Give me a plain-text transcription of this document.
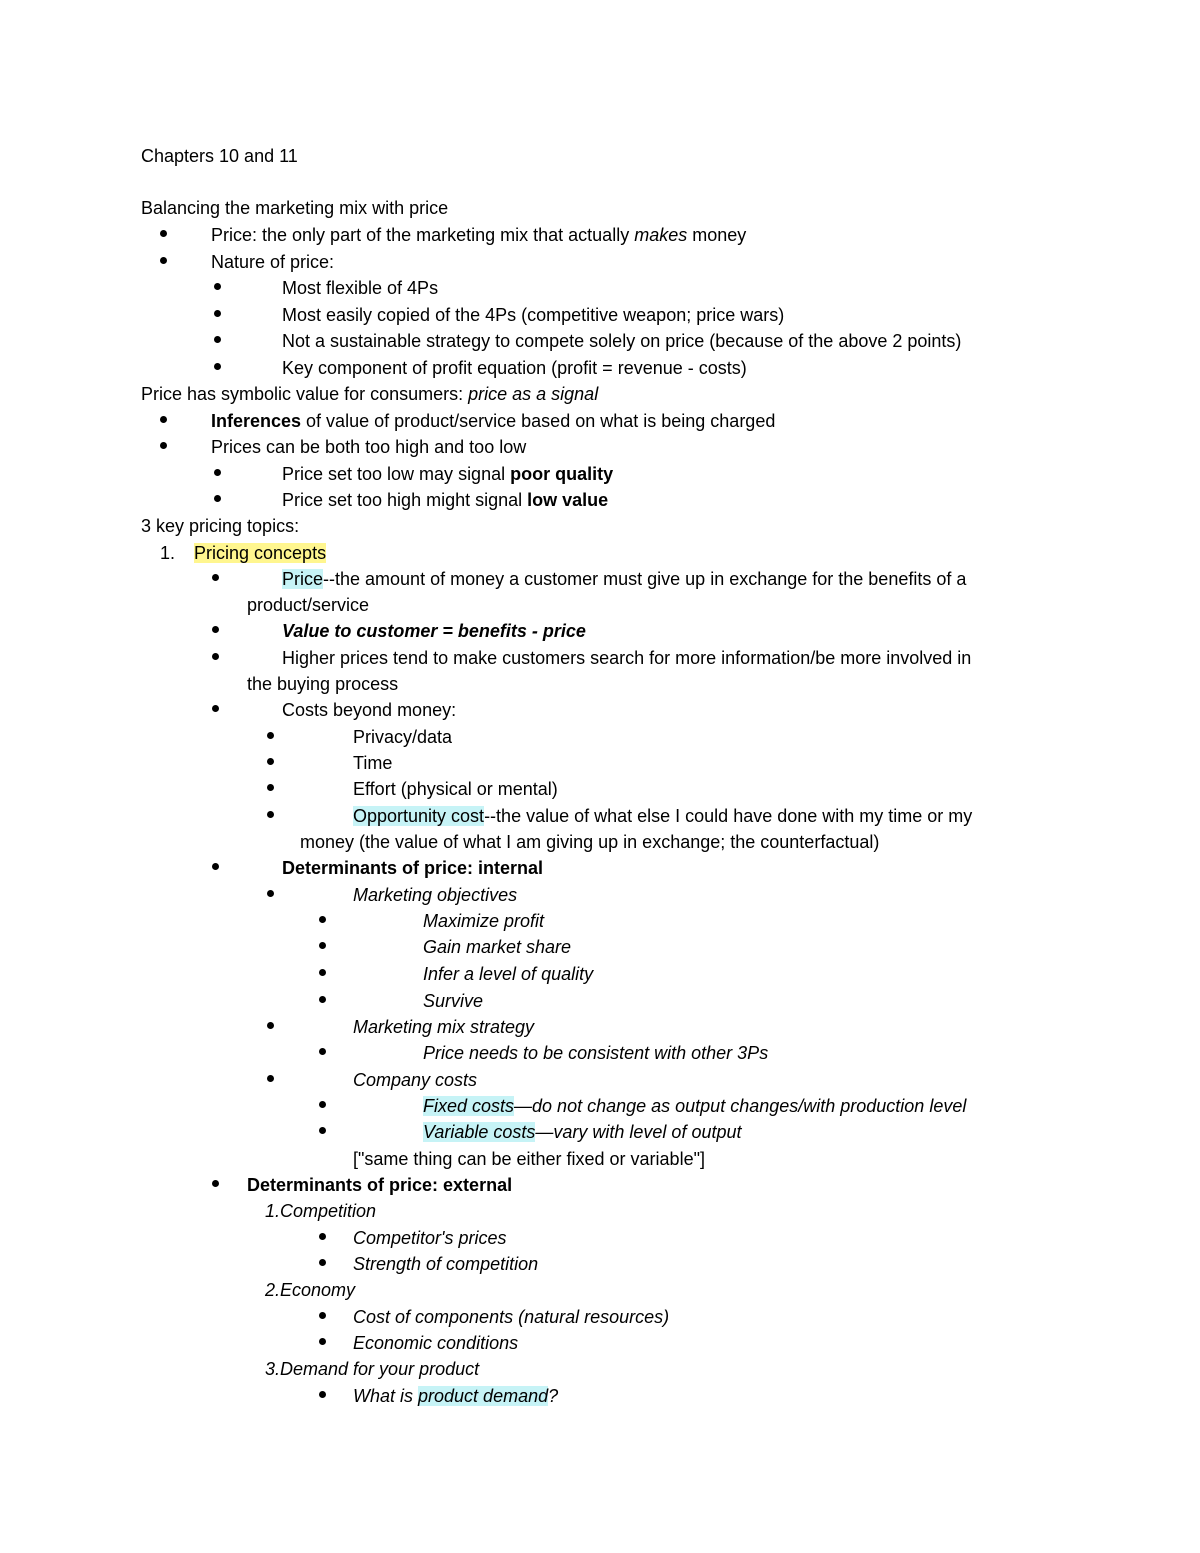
Chapters 10 and 11
Balancing the marketing mix with price
Price: the only part of the marketing mix that actually makes money
Nature of price:
Most flexible of 4Ps
Most easily copied of the 4Ps (competitive weapon; price wars)
Not a sustainable strategy to compete solely on price (because of the above 2 points)
Key component of profit equation (profit = revenue - costs)
Price has symbolic value for consumers: price as a signal
Inferences of value of product/service based on what is being charged
Prices can be both too high and too low
Price set too low may signal poor quality
Price set too high might signal low value
3 key pricing topics:
1. Pricing concepts
Price--the amount of money a customer must give up in exchange for the benefits of a
product/service
Value to customer = benefits - price
Higher prices tend to make customers search for more information/be more involved in
the buying process
Costs beyond money:
Privacy/data
Time
Effort (physical or mental)
Opportunity cost--the value of what else I could have done with my time or my
money (the value of what I am giving up in exchange; the counterfactual)
Determinants of price: internal
Marketing objectives
Maximize profit
Gain market share
Infer a level of quality
Survive
Marketing mix strategy
Price needs to be consistent with other 3Ps
Company costs
Fixed costs—do not change as output changes/with production level
Variable costs—vary with level of output
["same thing can be either fixed or variable"]
Determinants of price: external
1.Competition
Competitor's prices
Strength of competition
2.Economy
Cost of components (natural resources)
Economic conditions
3.Demand for your product
What is product demand?
